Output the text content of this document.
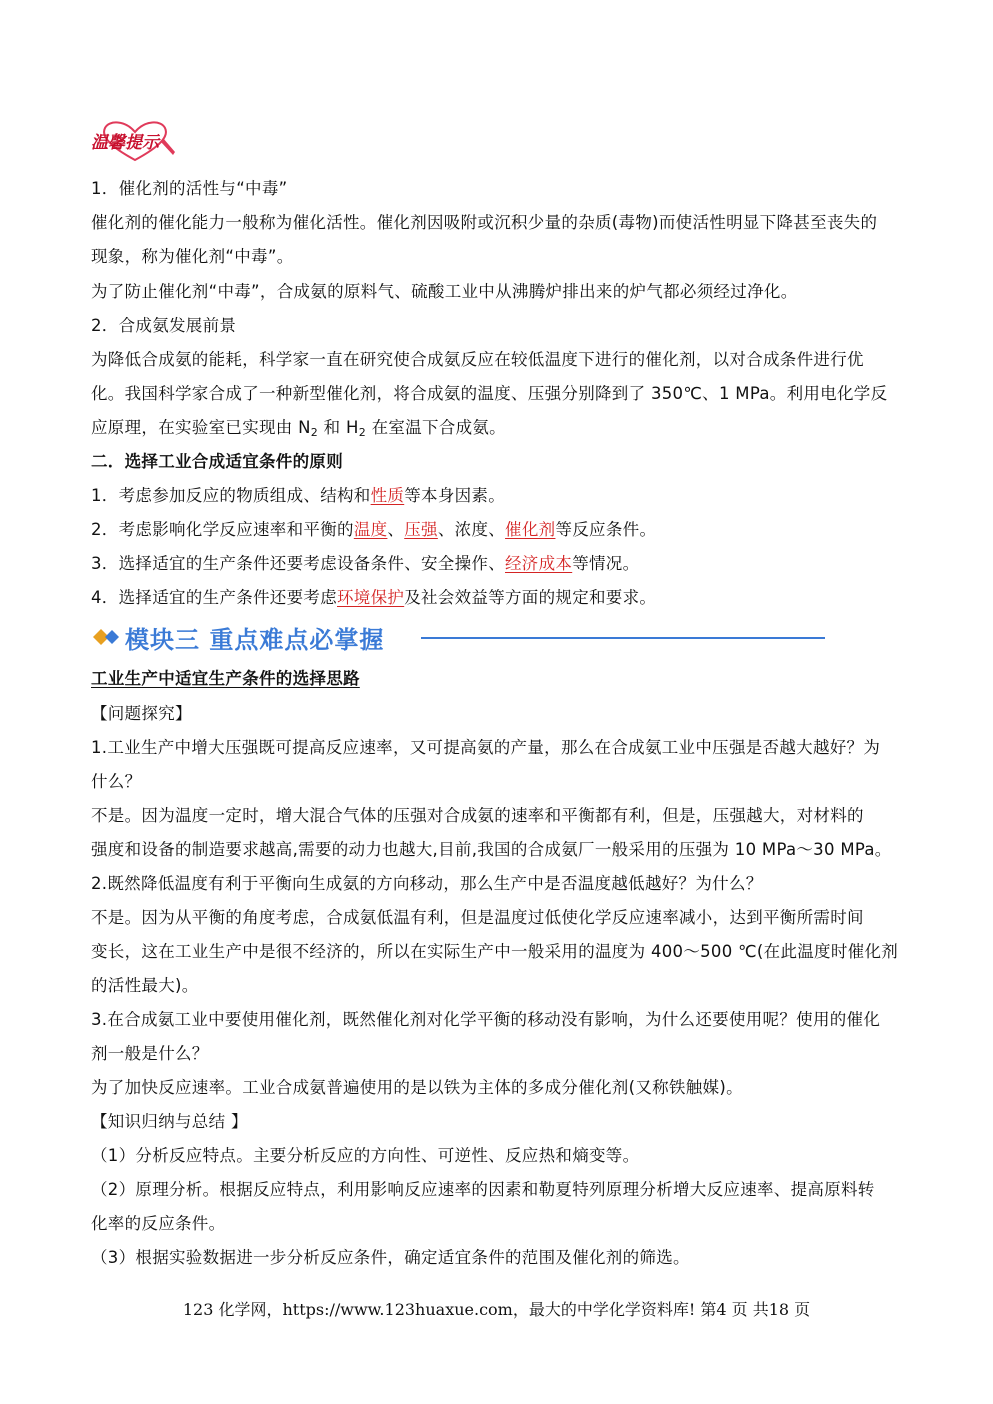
温馨提示
1．催化剂的活性与“中毒”
催化剂的催化能力一般称为催化活性。催化剂因吸附或沉积少量的杂质(毒物)而使活性明显下降甚至丧失的
现象，称为催化剂“中毒”。
为了防止催化剂“中毒”，合成氨的原料气、硫酸工业中从沸腾炉排出来的炉气都必须经过净化。
2．合成氨发展前景
为降低合成氨的能耗，科学家一直在研究使合成氨反应在较低温度下进行的催化剂，以对合成条件进行优
化。我国科学家合成了一种新型催化剂，将合成氨的温度、压强分别降到了 350℃、1 MPa。利用电化学反
应原理，在实验室已实现由 $N_2$ 和 $H_2$ 在室温下合成氨。
二．选择工业合成适宜条件的原则
1．考虑参加反应的物质组成、结构和性质等本身因素。
2．考虑影响化学反应速率和平衡的温度、压强、浓度、催化剂等反应条件。
3．选择适宜的生产条件还要考虑设备条件、安全操作、经济成本等情况。
4．选择适宜的生产条件还要考虑环境保护及社会效益等方面的规定和要求。
模块三 重点难点必掌握
工业生产中适宜生产条件的选择思路
【问题探究】
1.工业生产中增大压强既可提高反应速率，又可提高氨的产量，那么在合成氨工业中压强是否越大越好？为
什么？
不是。因为温度一定时，增大混合气体的压强对合成氨的速率和平衡都有利，但是，压强越大，对材料的
强度和设备的制造要求越高,需要的动力也越大,目前,我国的合成氨厂一般采用的压强为 10 MPa～30 MPa。
2.既然降低温度有利于平衡向生成氨的方向移动，那么生产中是否温度越低越好？为什么？
不是。因为从平衡的角度考虑，合成氨低温有利，但是温度过低使化学反应速率减小，达到平衡所需时间
变长，这在工业生产中是很不经济的，所以在实际生产中一般采用的温度为 400～500 ℃(在此温度时催化剂
的活性最大)。
3.在合成氨工业中要使用催化剂，既然催化剂对化学平衡的移动没有影响，为什么还要使用呢？使用的催化
剂一般是什么？
为了加快反应速率。工业合成氨普遍使用的是以铁为主体的多成分催化剂(又称铁触媒)。
【知识归纳与总结 】
（1）分析反应特点。主要分析反应的方向性、可逆性、反应热和熵变等。
（2）原理分析。根据反应特点，利用影响反应速率的因素和勒夏特列原理分析增大反应速率、提高原料转
化率的反应条件。
（3）根据实验数据进一步分析反应条件，确定适宜条件的范围及催化剂的筛选。
123 化学网，https://www.123huaxue.com，最大的中学化学资料库! 第4 页 共18 页
